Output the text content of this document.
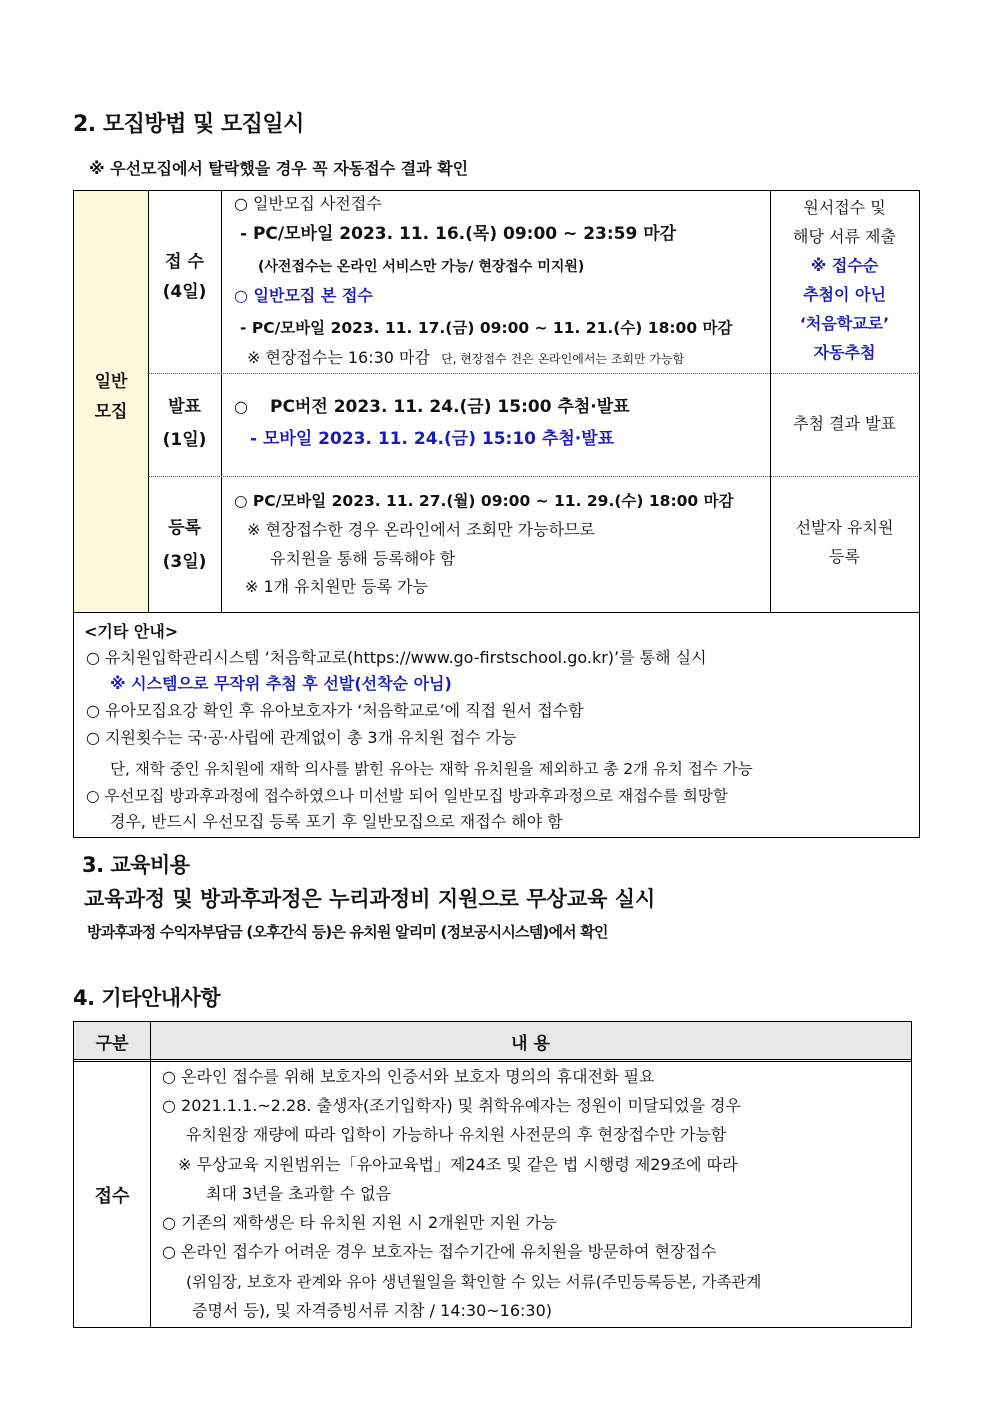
2. 모집방법 및 모집일시
※ 우선모집에서 탈락했을 경우 꼭 자동접수 결과 확인
일반
모집
접 수
(4일)
○ 일반모집 사전접수
- PC/모바일 2023. 11. 16.(목) 09:00 ~ 23:59 마감
(사전접수는 온라인 서비스만 가능/ 현장접수 미지원)
○ 일반모집 본 접수
- PC/모바일 2023. 11. 17.(금) 09:00 ~ 11. 21.(수) 18:00 마감
※ 현장접수는 16:30 마감 단, 현장접수 건은 온라인에서는 조회만 가능함
원서접수 및
해당 서류 제출
※ 접수순
추첨이 아닌
‘처음학교로’
자동추첨
발표
(1일)
○ PC버전 2023. 11. 24.(금) 15:00 추첨·발표
- 모바일 2023. 11. 24.(금) 15:10 추첨·발표
추첨 결과 발표
등록
(3일)
○ PC/모바일 2023. 11. 27.(월) 09:00 ~ 11. 29.(수) 18:00 마감
※ 현장접수한 경우 온라인에서 조회만 가능하므로
유치원을 통해 등록해야 함
※ 1개 유치원만 등록 가능
선발자 유치원
등록
<기타 안내>
○ 유치원입학관리시스템 ‘처음학교로(https://www.go-firstschool.go.kr)’를 통해 실시
※ 시스템으로 무작위 추첨 후 선발(선착순 아님)
○ 유아모집요강 확인 후 유아보호자가 ‘처음학교로’에 직접 원서 접수함
○ 지원횟수는 국·공·사립에 관계없이 총 3개 유치원 접수 가능
단, 재학 중인 유치원에 재학 의사를 밝힌 유아는 재학 유치원을 제외하고 총 2개 유치 접수 가능
○ 우선모집 방과후과정에 접수하였으나 미선발 되어 일반모집 방과후과정으로 재접수를 희망할
경우, 반드시 우선모집 등록 포기 후 일반모집으로 재접수 해야 함
3. 교육비용
교육과정 및 방과후과정은 누리과정비 지원으로 무상교육 실시
방과후과정 수익자부담금 (오후간식 등)은 유치원 알리미 (정보공시시스템)에서 확인
4. 기타안내사항
구분	내 용
접수
○ 온라인 접수를 위해 보호자의 인증서와 보호자 명의의 휴대전화 필요
○ 2021.1.1.~2.28. 출생자(조기입학자) 및 취학유예자는 정원이 미달되었을 경우
유치원장 재량에 따라 입학이 가능하나 유치원 사전문의 후 현장접수만 가능함
※ 무상교육 지원범위는「유아교육법」제24조 및 같은 법 시행령 제29조에 따라
최대 3년을 초과할 수 없음
○ 기존의 재학생은 타 유치원 지원 시 2개원만 지원 가능
○ 온라인 접수가 어려운 경우 보호자는 접수기간에 유치원을 방문하여 현장접수
(위임장, 보호자 관계와 유아 생년월일을 확인할 수 있는 서류(주민등록등본, 가족관계
증명서 등), 및 자격증빙서류 지참 / 14:30~16:30)
